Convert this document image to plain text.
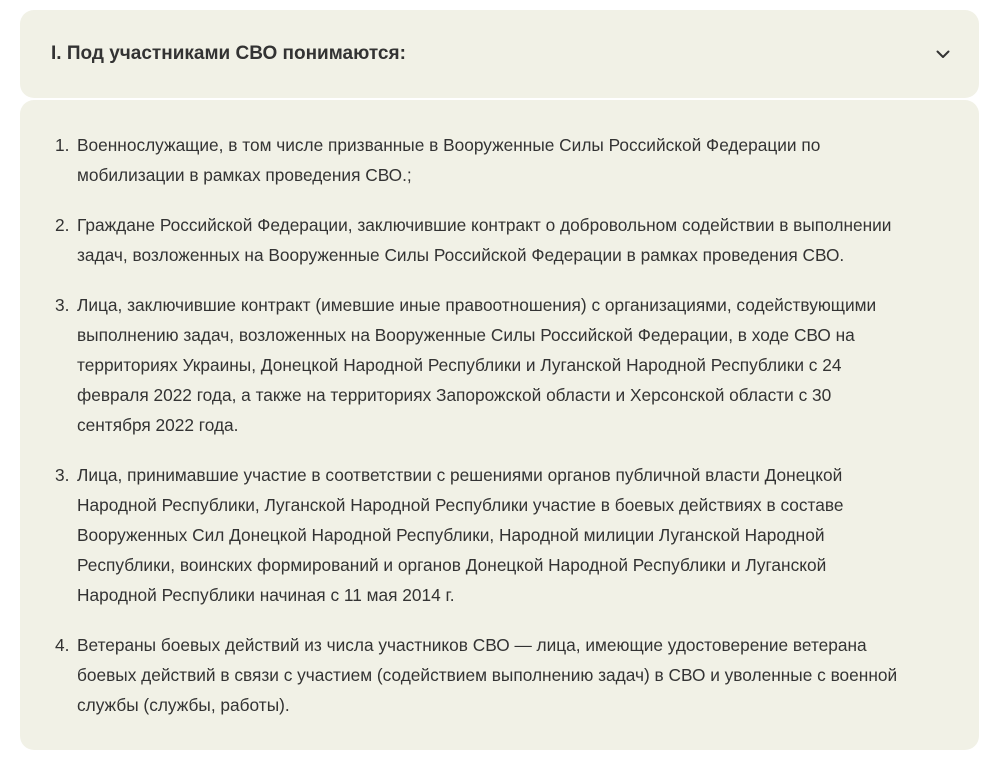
I. Под участниками СВО понимаются:
1. Военнослужащие, в том числе призванные в Вооруженные Силы Российской Федерации по
мобилизации в рамках проведения СВО.;
2. Граждане Российской Федерации, заключившие контракт о добровольном содействии в выполнении
задач, возложенных на Вооруженные Силы Российской Федерации в рамках проведения СВО.
3. Лица, заключившие контракт (имевшие иные правоотношения) с организациями, содействующими
выполнению задач, возложенных на Вооруженные Силы Российской Федерации, в ходе СВО на
территориях Украины, Донецкой Народной Республики и Луганской Народной Республики с 24
февраля 2022 года, а также на территориях Запорожской области и Херсонской области с 30
сентября 2022 года.
3. Лица, принимавшие участие в соответствии с решениями органов публичной власти Донецкой
Народной Республики, Луганской Народной Республики участие в боевых действиях в составе
Вооруженных Сил Донецкой Народной Республики, Народной милиции Луганской Народной
Республики, воинских формирований и органов Донецкой Народной Республики и Луганской
Народной Республики начиная с 11 мая 2014 г.
4. Ветераны боевых действий из числа участников СВО — лица, имеющие удостоверение ветерана
боевых действий в связи с участием (содействием выполнению задач) в СВО и уволенные с военной
службы (службы, работы).
